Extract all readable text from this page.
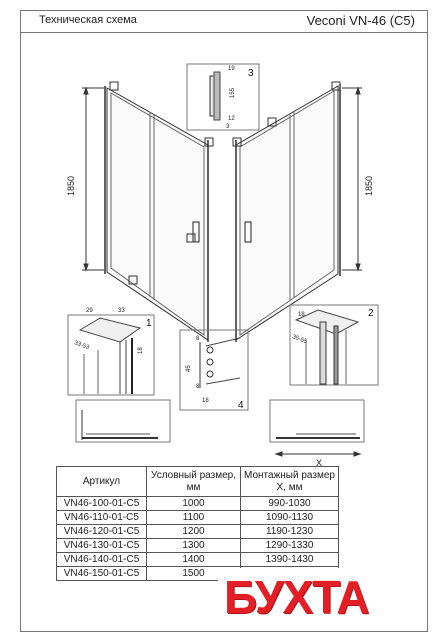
Техническая схема	Veconi VN-46 (C5)
1850	1850
3
1
2
4
19
155
12
3
29	33
33-53	18
18
35-55
8
45
8
18
X
Артикул	Условный размер, мм	Монтажный размер X, мм
VN46-100-01-C5	1000	990-1030
VN46-110-01-C5	1100	1090-1130
VN46-120-01-C5	1200	1190-1230
VN46-130-01-C5	1300	1290-1330
VN46-140-01-C5	1400	1390-1430
VN46-150-01-C5	1500	БУХТА
